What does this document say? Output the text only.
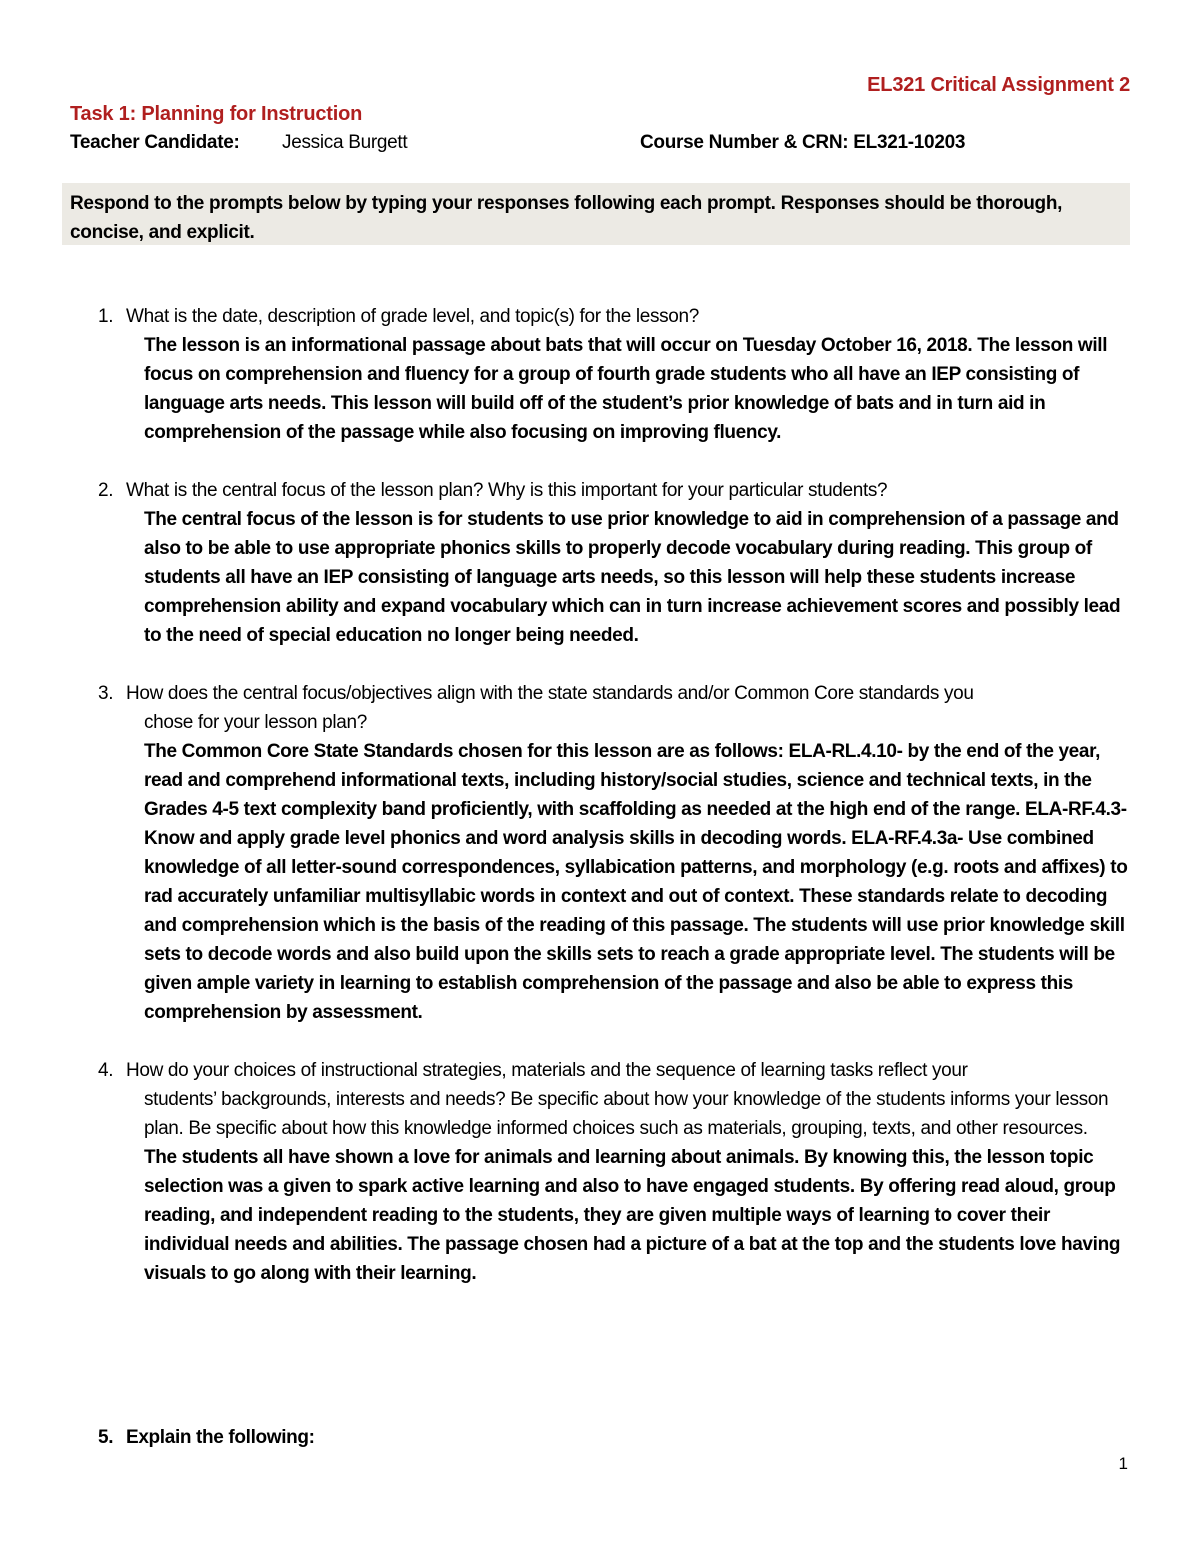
EL321 Critical Assignment 2
Task 1: Planning for Instruction
Teacher Candidate: Jessica Burgett	Course Number & CRN: EL321-10203
Respond to the prompts below by typing your responses following each prompt. Responses should be thorough, concise, and explicit.
1. What is the date, description of grade level, and topic(s) for the lesson?
The lesson is an informational passage about bats that will occur on Tuesday October 16, 2018. The lesson will focus on comprehension and fluency for a group of fourth grade students who all have an IEP consisting of language arts needs. This lesson will build off of the student’s prior knowledge of bats and in turn aid in comprehension of the passage while also focusing on improving fluency.
2. What is the central focus of the lesson plan? Why is this important for your particular students?
The central focus of the lesson is for students to use prior knowledge to aid in comprehension of a passage and also to be able to use appropriate phonics skills to properly decode vocabulary during reading. This group of students all have an IEP consisting of language arts needs, so this lesson will help these students increase comprehension ability and expand vocabulary which can in turn increase achievement scores and possibly lead to the need of special education no longer being needed.
3. How does the central focus/objectives align with the state standards and/or Common Core standards you
chose for your lesson plan?
The Common Core State Standards chosen for this lesson are as follows: ELA-RL.4.10- by the end of the year, read and comprehend informational texts, including history/social studies, science and technical texts, in the Grades 4-5 text complexity band proficiently, with scaffolding as needed at the high end of the range. ELA-RF.4.3- Know and apply grade level phonics and word analysis skills in decoding words. ELA-RF.4.3a- Use combined knowledge of all letter-sound correspondences, syllabication patterns, and morphology (e.g. roots and affixes) to rad accurately unfamiliar multisyllabic words in context and out of context. These standards relate to decoding and comprehension which is the basis of the reading of this passage. The students will use prior knowledge skill sets to decode words and also build upon the skills sets to reach a grade appropriate level. The students will be given ample variety in learning to establish comprehension of the passage and also be able to express this comprehension by assessment.
4. How do your choices of instructional strategies, materials and the sequence of learning tasks reflect your
students’ backgrounds, interests and needs? Be specific about how your knowledge of the students informs your lesson plan. Be specific about how this knowledge informed choices such as materials, grouping, texts, and other resources.
The students all have shown a love for animals and learning about animals. By knowing this, the lesson topic selection was a given to spark active learning and also to have engaged students. By offering read aloud, group reading, and independent reading to the students, they are given multiple ways of learning to cover their individual needs and abilities. The passage chosen had a picture of a bat at the top and the students love having visuals to go along with their learning.
5. Explain the following:
1
